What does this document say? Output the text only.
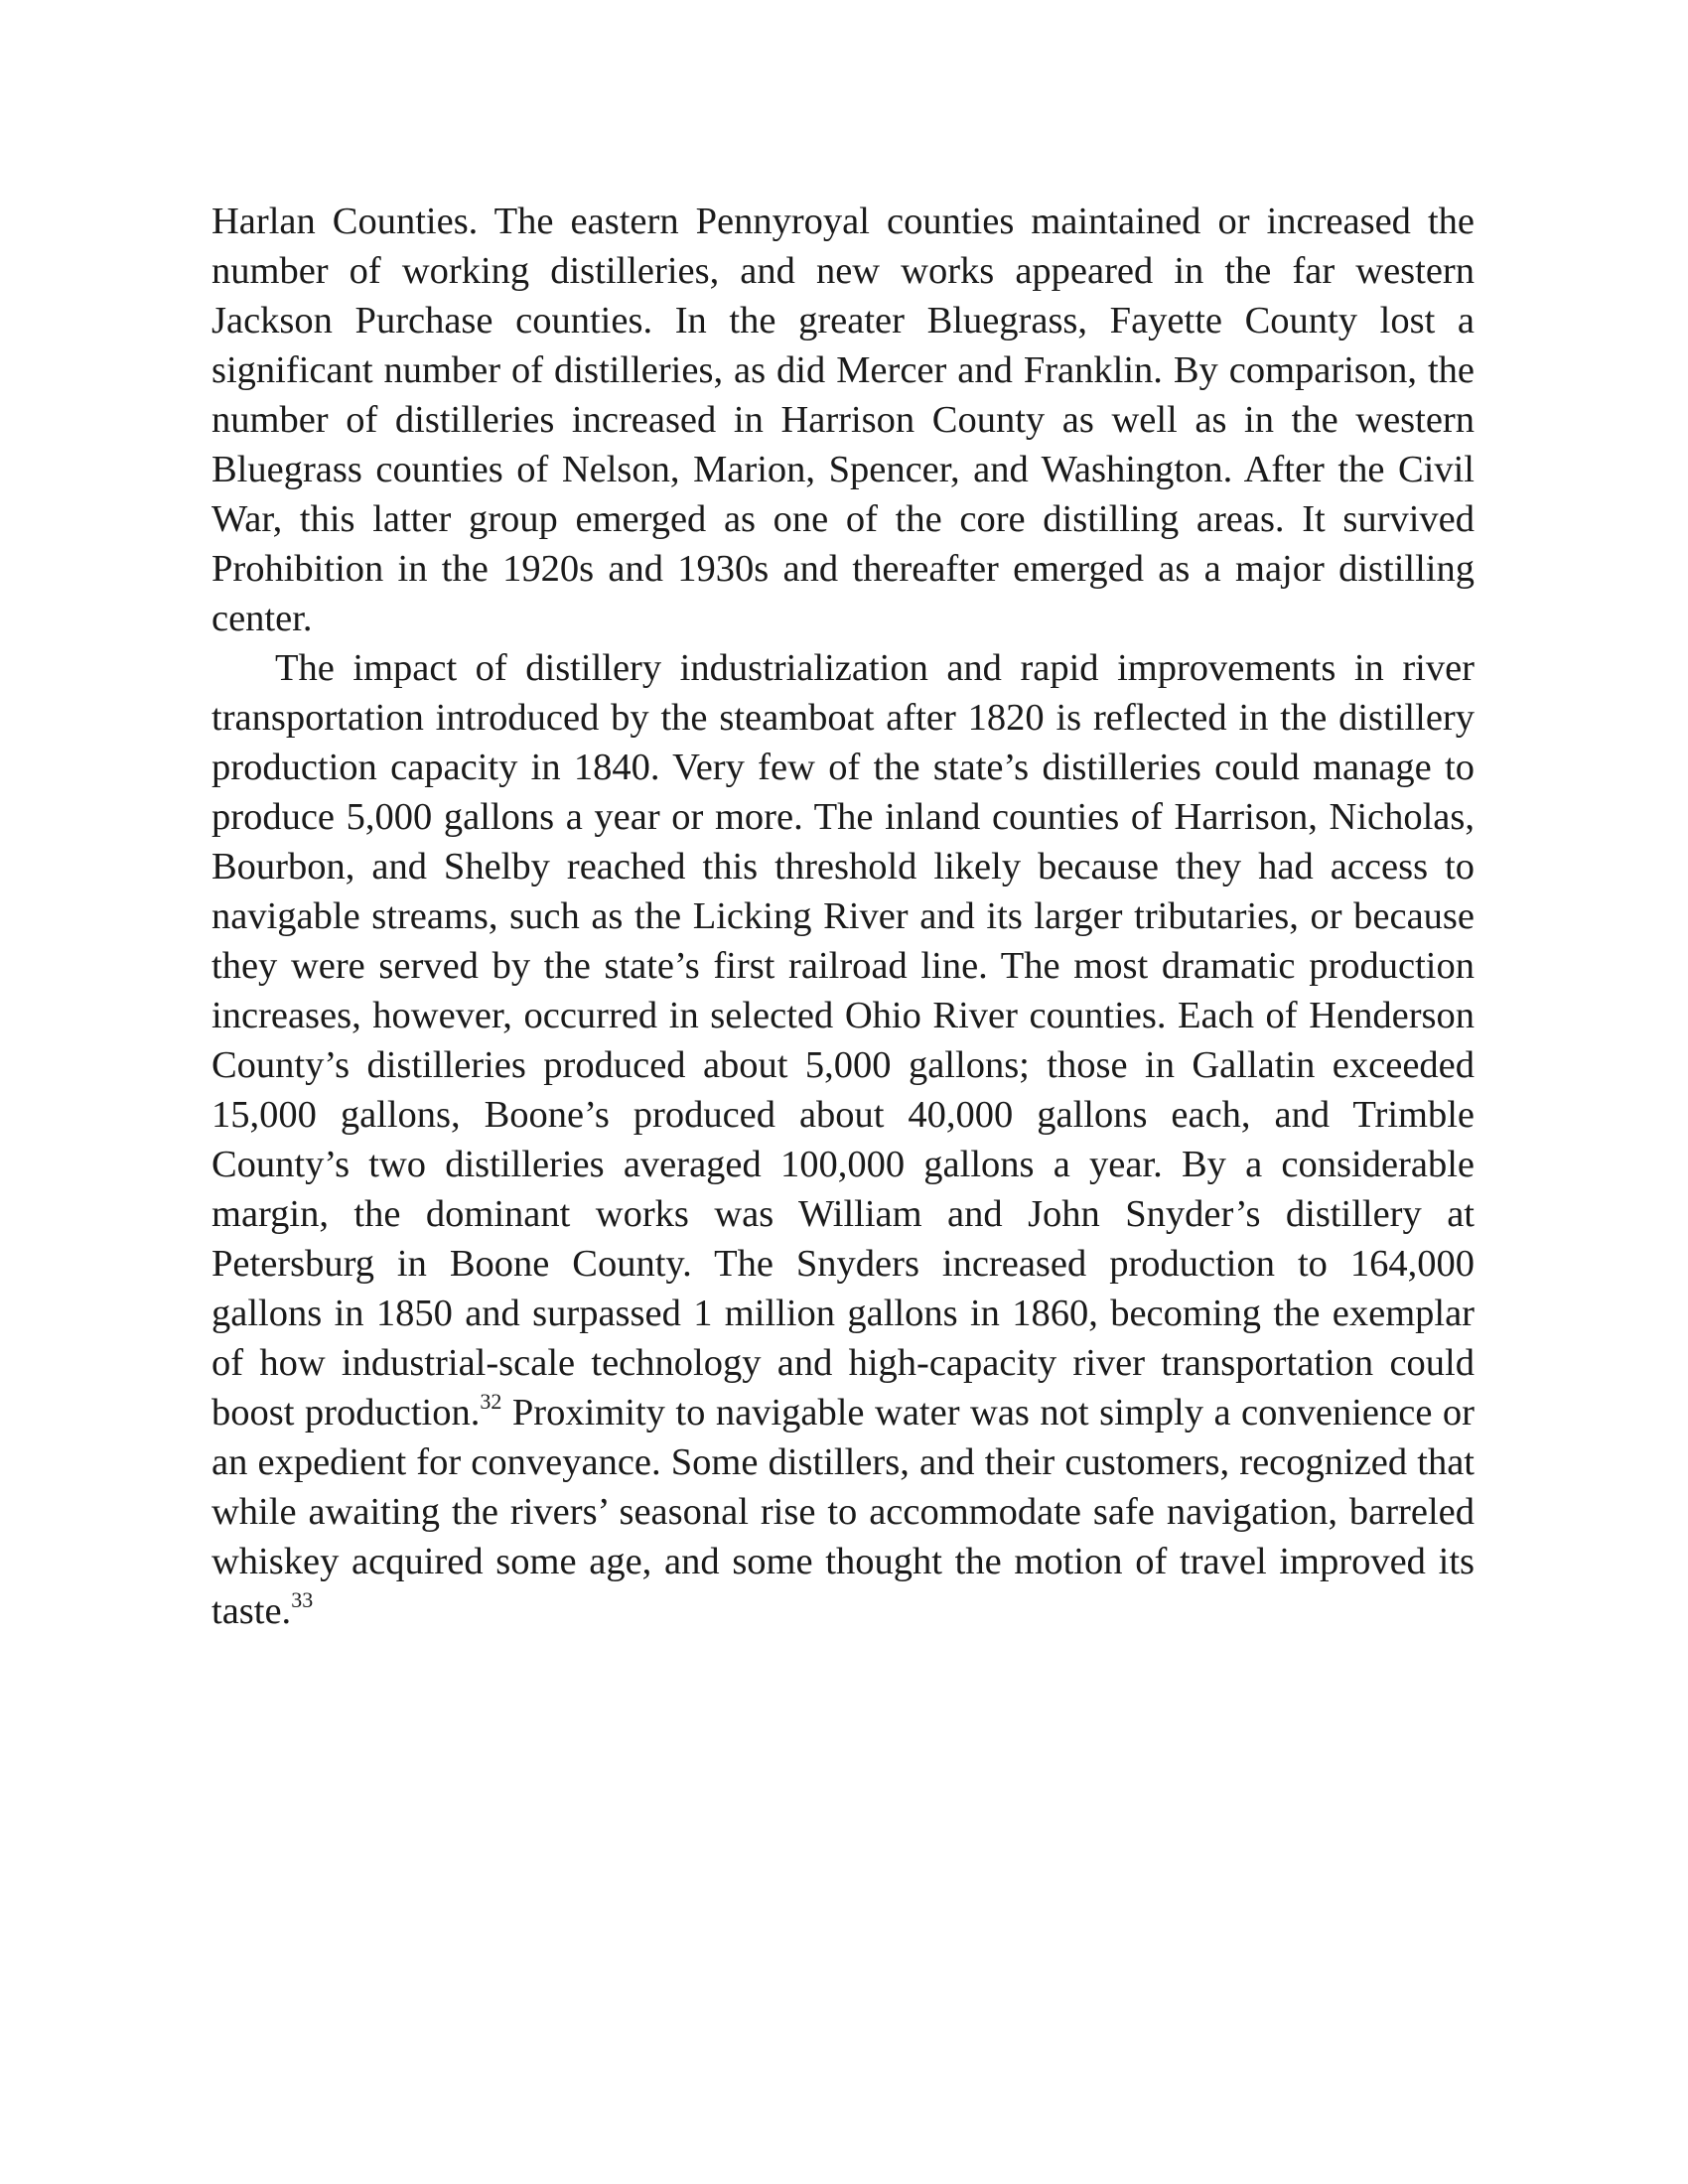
Harlan Counties. The eastern Pennyroyal counties maintained or increased the number of working distilleries, and new works appeared in the far western Jackson Purchase counties. In the greater Bluegrass, Fayette County lost a significant number of distilleries, as did Mercer and Franklin. By comparison, the number of distilleries increased in Harrison County as well as in the western Bluegrass counties of Nelson, Marion, Spencer, and Washington. After the Civil War, this latter group emerged as one of the core distilling areas. It survived Prohibition in the 1920s and 1930s and thereafter emerged as a major distilling center.

The impact of distillery industrialization and rapid improvements in river transportation introduced by the steamboat after 1820 is reflected in the distillery production capacity in 1840. Very few of the state’s distilleries could manage to produce 5,000 gallons a year or more. The inland counties of Harrison, Nicholas, Bourbon, and Shelby reached this threshold likely because they had access to navigable streams, such as the Licking River and its larger tributaries, or because they were served by the state’s first railroad line. The most dramatic production increases, however, occurred in selected Ohio River counties. Each of Henderson County’s distilleries produced about 5,000 gallons; those in Gallatin exceeded 15,000 gallons, Boone’s produced about 40,000 gallons each, and Trimble County’s two distilleries averaged 100,000 gallons a year. By a considerable margin, the dominant works was William and John Snyder’s distillery at Petersburg in Boone County. The Snyders increased production to 164,000 gallons in 1850 and surpassed 1 million gallons in 1860, becoming the exemplar of how industrial-scale technology and high-capacity river transportation could boost production.$^{32}$ Proximity to navigable water was not simply a convenience or an expedient for conveyance. Some distillers, and their customers, recognized that while awaiting the rivers’ seasonal rise to accommodate safe navigation, barreled whiskey acquired some age, and some thought the motion of travel improved its taste.$^{33}$
